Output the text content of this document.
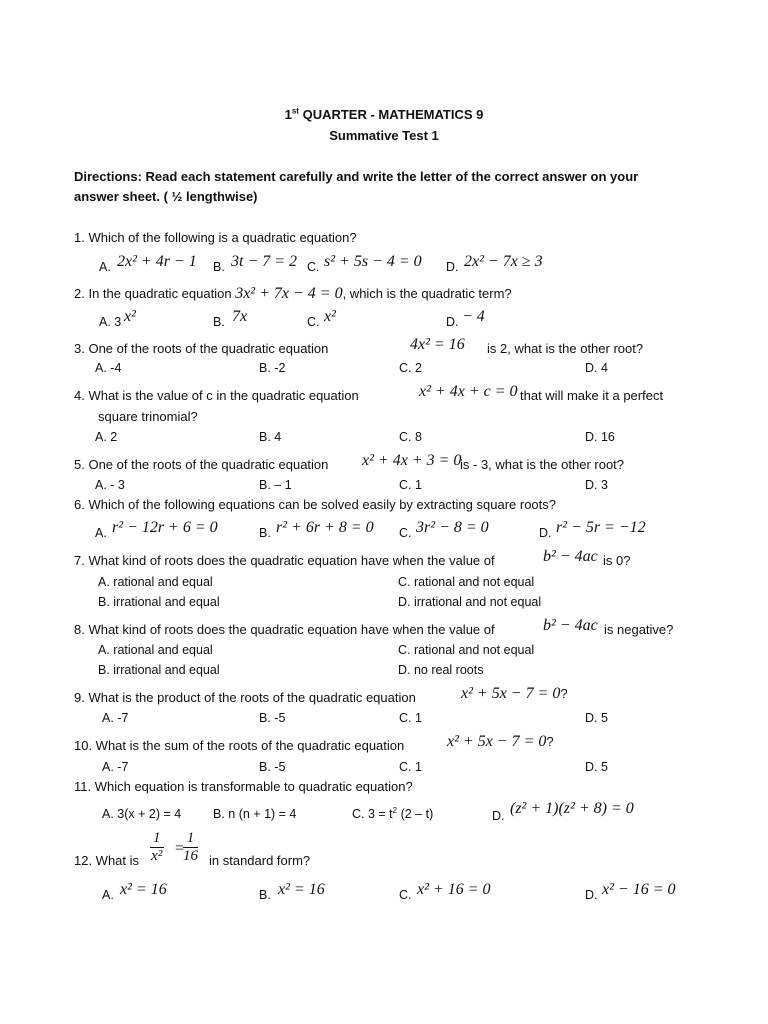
1st QUARTER - MATHEMATICS 9
Summative Test 1
Directions: Read each statement carefully and write the letter of the correct answer on your
answer sheet. ( ½ lengthwise)
1. Which of the following is a quadratic equation?
A. 2x² + 4r − 1 B. 3t − 7 = 2 C. s² + 5s − 4 = 0 D. 2x² − 7x ≥ 3
2. In the quadratic equation 3x² + 7x − 4 = 0, which is the quadratic term?
A. 3 x²	B. 7x	C. x²	D. − 4
3. One of the roots of the quadratic equation	4x² = 16 is 2, what is the other root?
A. -4	B. -2	C. 2	D. 4
4. What is the value of c in the quadratic equation	x² + 4x + c = 0 that will make it a perfect
square trinomial?
A. 2	B. 4	C. 8	D. 16
5. One of the roots of the quadratic equation x² + 4x + 3 = 0
is - 3, what is the other root?
A. - 3	B. – 1	C. 1	D. 3
6. Which of the following equations can be solved easily by extracting square roots?
A. r² − 12r + 6 = 0	B. r² + 6r + 8 = 0 C. 3r² − 8 = 0	D. r² − 5r = −12
7. What kind of roots does the quadratic equation have when the value of	b² − 4ac is 0?
A. rational and equal	C. rational and not equal
B. irrational and equal	D. irrational and not equal
8. What kind of roots does the quadratic equation have when the value of	b² − 4ac is negative?
A. rational and equal	C. rational and not equal
B. irrational and equal	D. no real roots
9. What is the product of the roots of the quadratic equation	x² + 5x − 7 = 0?
A. -7	B. -5	C. 1	D. 5
10. What is the sum of the roots of the quadratic equation	x² + 5x − 7 = 0?
A. -7	B. -5	C. 1	D. 5
11. Which equation is transformable to quadratic equation?
A. 3(x + 2) = 4	B. n (n + 1) = 4	C. $3 = t^2$ (2 – t)	D. (z² + 1)(z² + 8) = 0
12. What is $\frac{1}{\text{x²}}$ =
$\frac{1}{16}$ in standard form?
A. x² = 16	B. x² = 16	C. x² + 16 = 0	D. x² − 16 = 0
